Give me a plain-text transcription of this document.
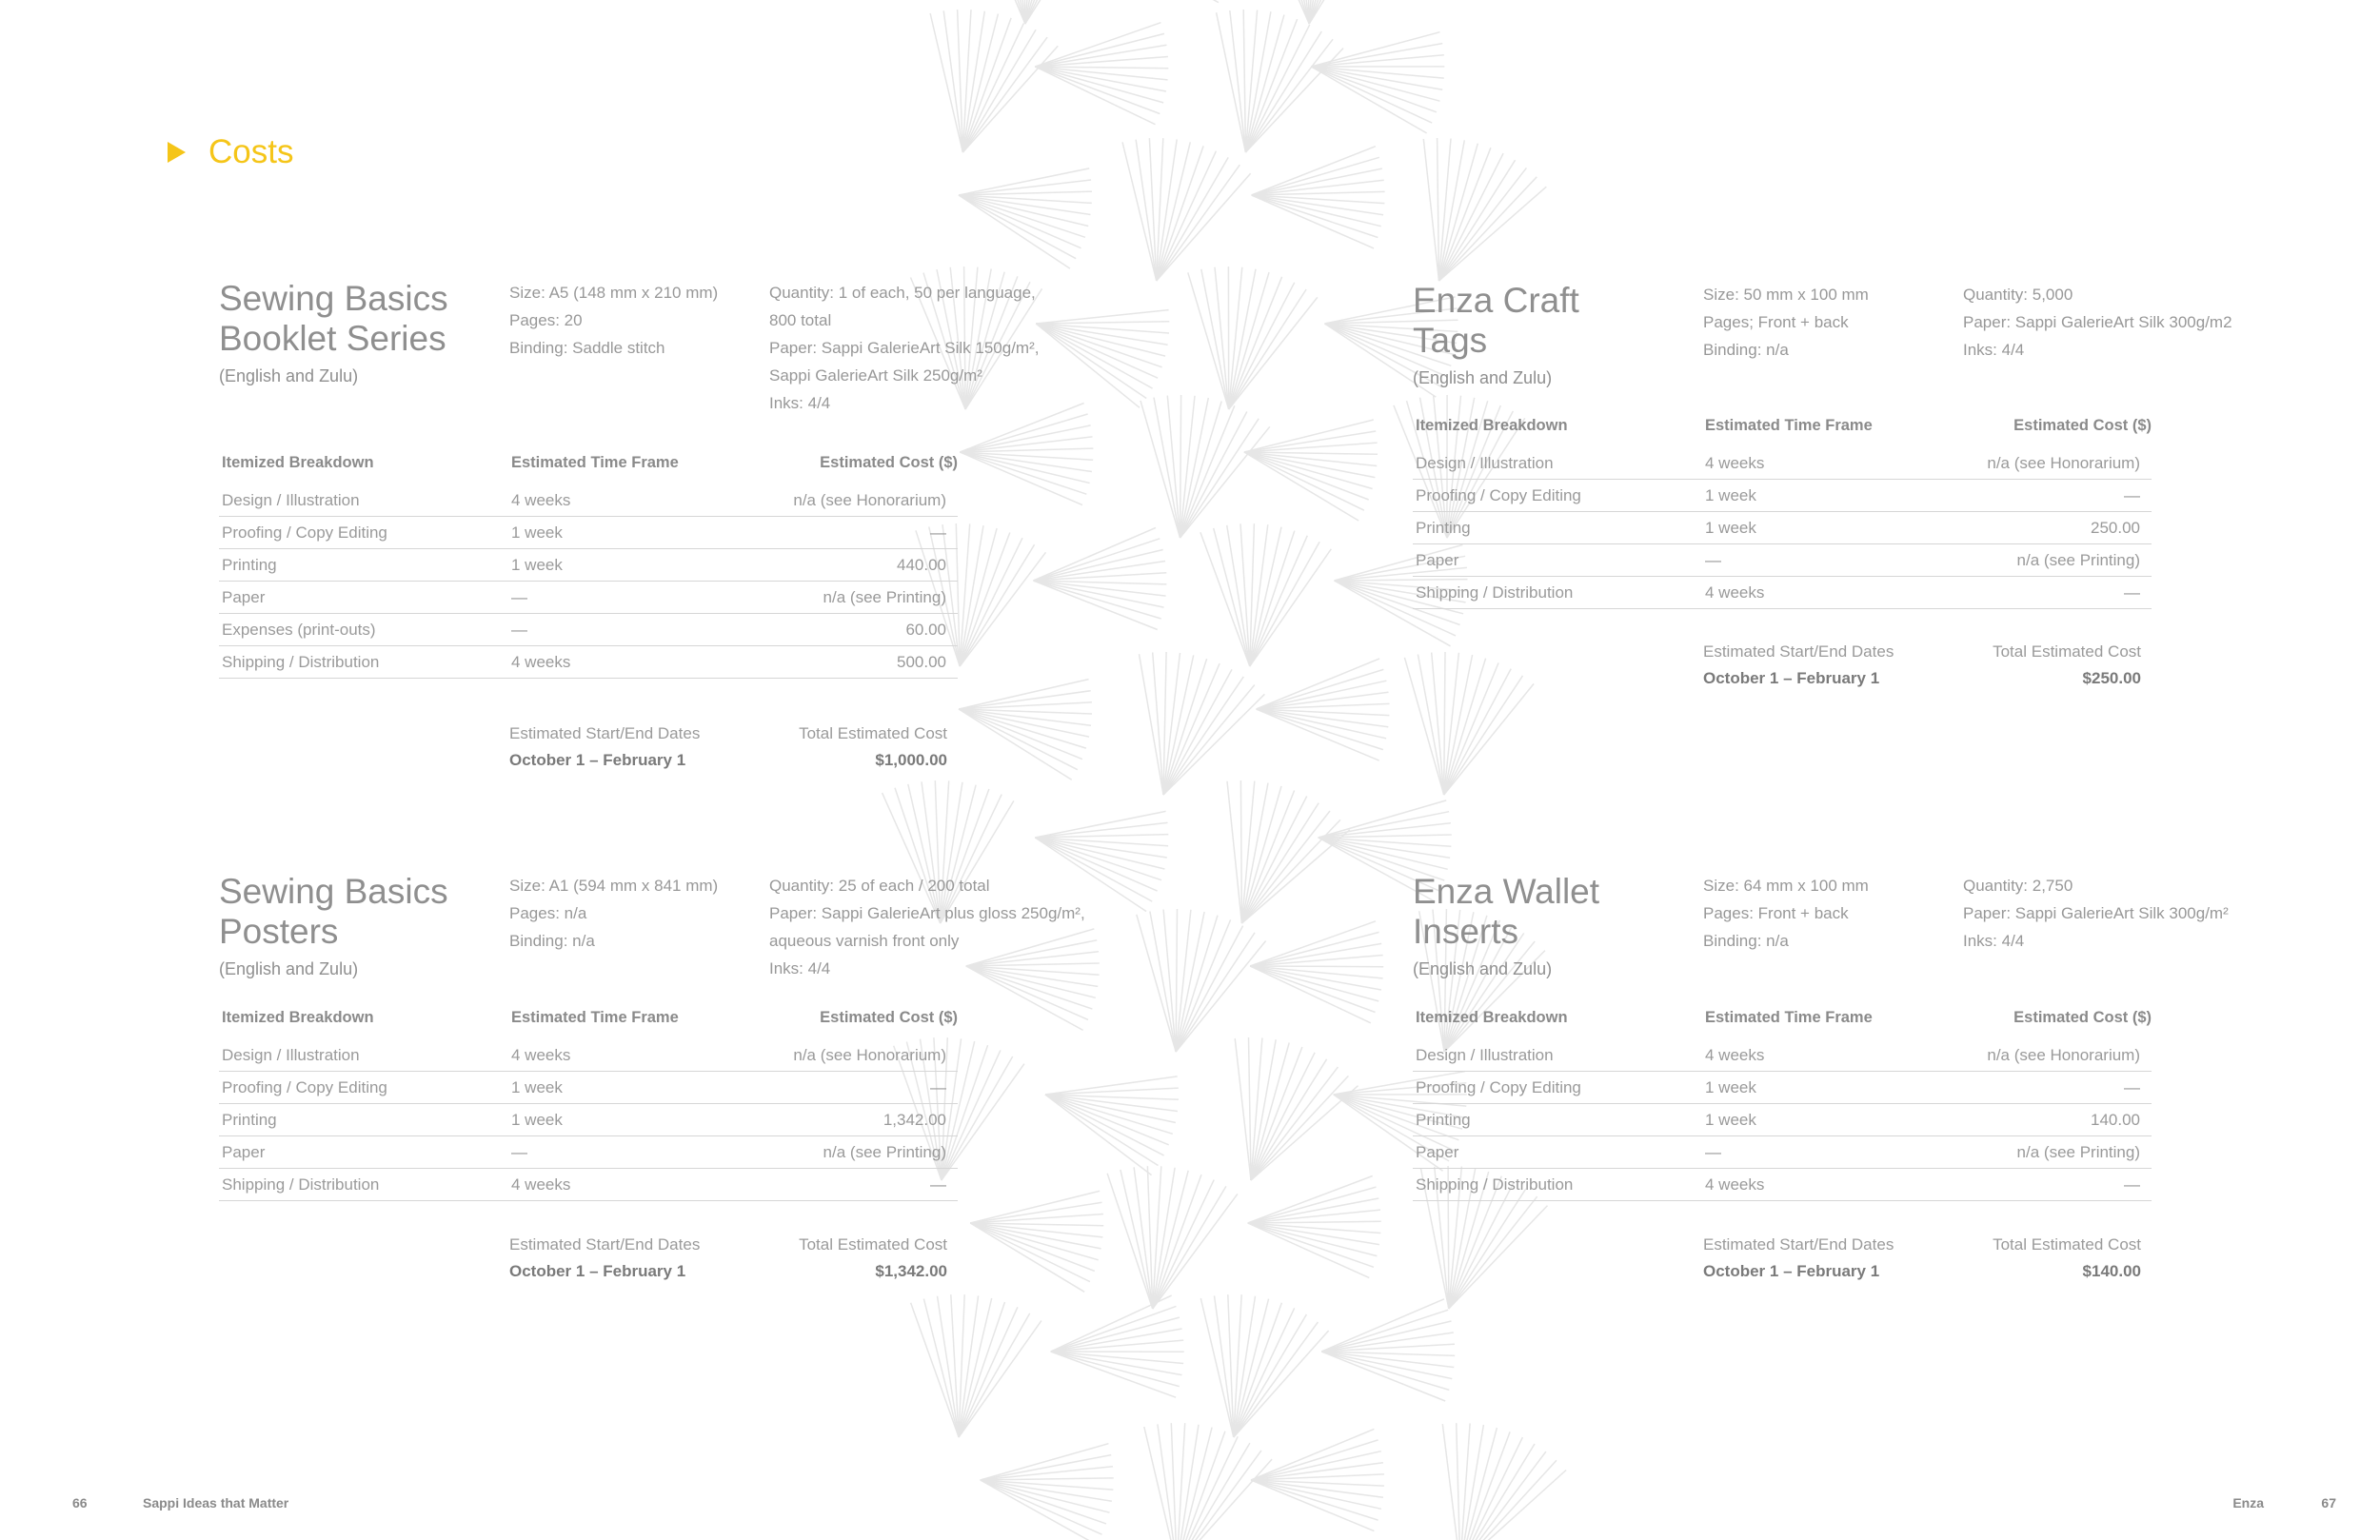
Costs
Sewing Basics
Booklet Series
(English and Zulu)
Size: A5 (148 mm x 210 mm)
Pages: 20
Binding: Saddle stitch
Quantity: 1 of each, 50 per language,
800 total
Paper: Sappi GalerieArt Silk 150g/m²,
Sappi GalerieArt Silk 250g/m²
Inks: 4/4
Itemized Breakdown	Estimated Time Frame	Estimated Cost ($)
Design / Illustration	4 weeks	n/a (see Honorarium)
Proofing / Copy Editing	1 week	—
Printing	1 week	440.00
Paper	—	n/a (see Printing)
Expenses (print-outs)	—	60.00
Shipping / Distribution	4 weeks	500.00
Estimated Start/End Dates
October 1 – February 1
Total Estimated Cost
$1,000.00
Enza Craft
Tags
(English and Zulu)
Size: 50 mm x 100 mm
Pages; Front + back
Binding: n/a
Quantity: 5,000
Paper: Sappi GalerieArt Silk 300g/m2
Inks: 4/4
Itemized Breakdown	Estimated Time Frame	Estimated Cost ($)
Design / Illustration	4 weeks	n/a (see Honorarium)
Proofing / Copy Editing	1 week	—
Printing	1 week	250.00
Paper	—	n/a (see Printing)
Shipping / Distribution	4 weeks	—
Estimated Start/End Dates
October 1 – February 1
Total Estimated Cost
$250.00
Sewing Basics
Posters
(English and Zulu)
Size: A1 (594 mm x 841 mm)
Pages: n/a
Binding: n/a
Quantity: 25 of each / 200 total
Paper: Sappi GalerieArt plus gloss 250g/m²,
aqueous varnish front only
Inks: 4/4
Itemized Breakdown	Estimated Time Frame	Estimated Cost ($)
Design / Illustration	4 weeks	n/a (see Honorarium)
Proofing / Copy Editing	1 week	—
Printing	1 week	1,342.00
Paper	—	n/a (see Printing)
Shipping / Distribution	4 weeks	—
Estimated Start/End Dates
October 1 – February 1
Total Estimated Cost
$1,342.00
Enza Wallet
Inserts
(English and Zulu)
Size: 64 mm x 100 mm
Pages: Front + back
Binding: n/a
Quantity: 2,750
Paper: Sappi GalerieArt Silk 300g/m²
Inks: 4/4
Itemized Breakdown	Estimated Time Frame	Estimated Cost ($)
Design / Illustration	4 weeks	n/a (see Honorarium)
Proofing / Copy Editing	1 week	—
Printing	1 week	140.00
Paper	—	n/a (see Printing)
Shipping / Distribution	4 weeks	—
Estimated Start/End Dates
October 1 – February 1
Total Estimated Cost
$140.00
66	Sappi Ideas that Matter	Enza	67
